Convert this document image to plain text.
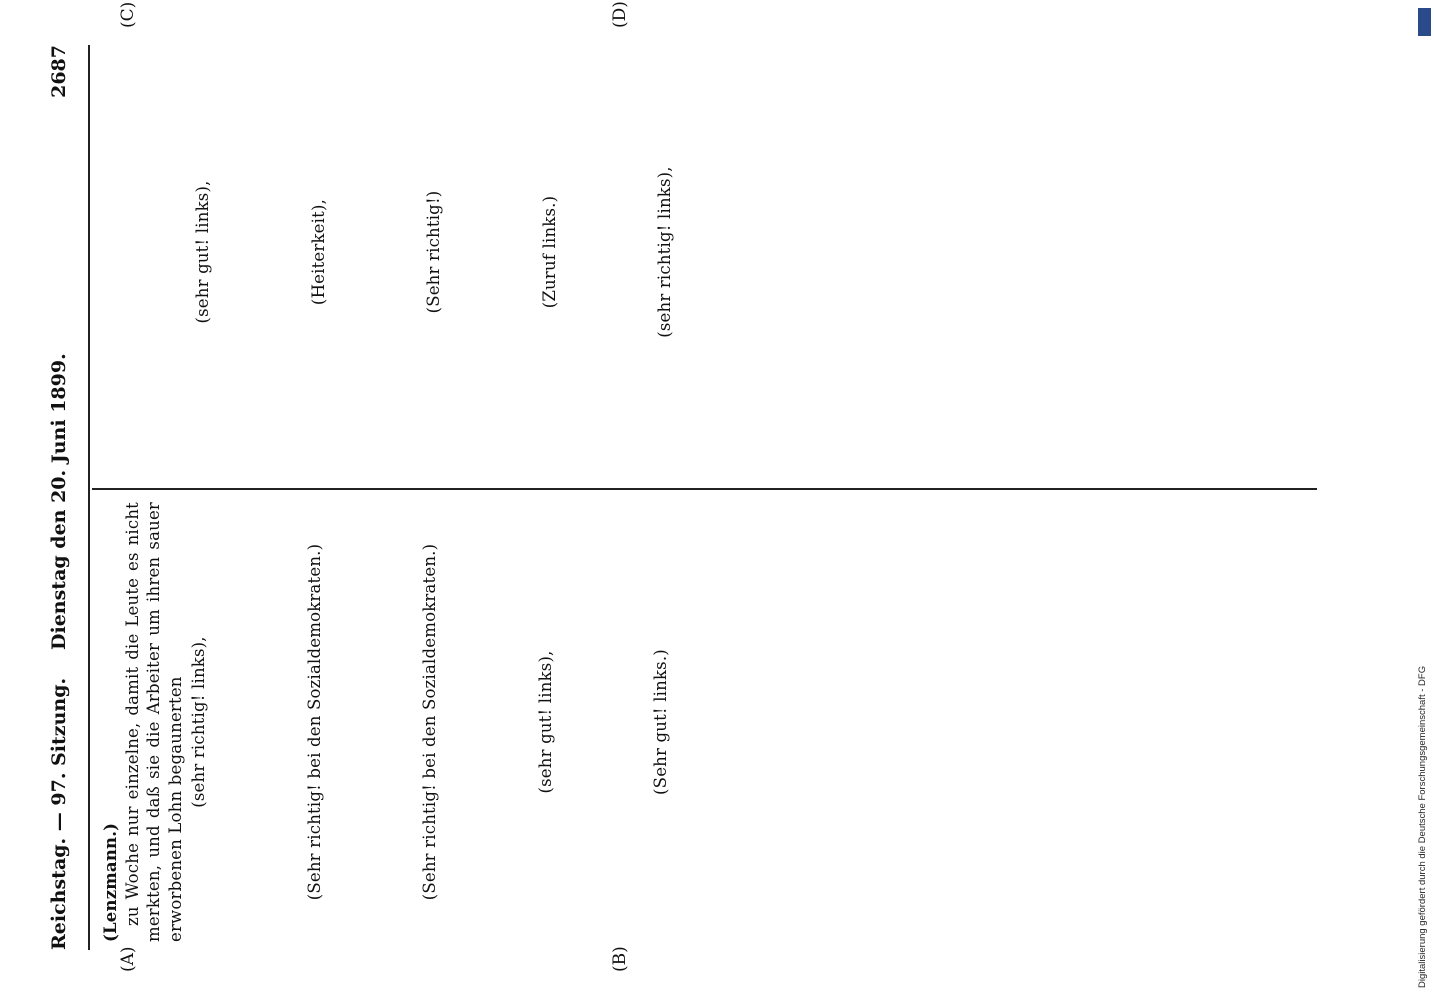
Reichstag. — 97. Sitzung.
Dienstag den 20. Juni 1899.
2687
(A)	(B)
(C)	(D)

(Lenzmann.) zu Woche nur einzelne, damit die Leute es nicht merkten, und daß sie die Arbeiter um ihren sauer erworbenen Lohn begaunerten (sehr richtig! links),	(Sehr richtig! bei den Sozialdemokraten.)	(Sehr richtig! bei den Sozialdemokraten.)	(sehr gut! links),	(Sehr gut! links.)

(sehr gut! links),	(Heiterkeit),	(Sehr richtig!)	(Zuruf links.)	(sehr richtig! links),

Digitalisierung gefördert durch die Deutsche Forschungsgemeinschaft - DFG
